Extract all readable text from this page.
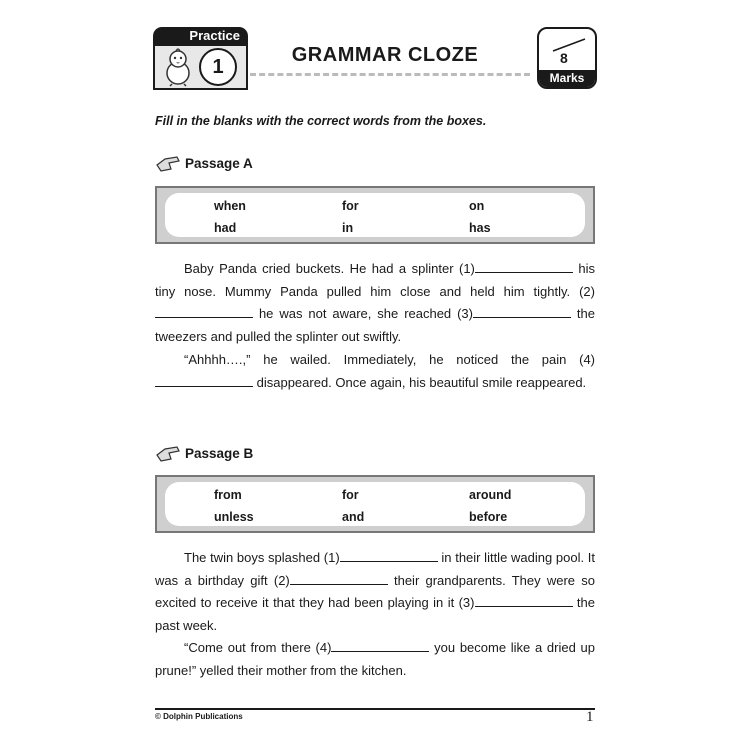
Practice
1
GRAMMAR CLOZE	8
Marks
Fill in the blanks with the correct words from the boxes.
Passage A
when	for	on
had	in	has
Baby Panda cried buckets. He had a splinter (1)	his tiny nose. Mummy Panda pulled him close and held him tightly. (2) he was not aware, she reached (3)	the tweezers and pulled the splinter out swiftly.
“Ahhhh….,” he wailed. Immediately, he noticed the pain (4) disappeared. Once again, his beautiful smile reappeared.
Passage B
from	for	around
unless	and	before
The twin boys splashed (1)	in their little wading pool. It was a birthday gift (2)	their grandparents. They were so excited to receive it that they had been playing in it (3)	the past week.
“Come out from there (4)	you become like a dried up prune!” yelled their mother from the kitchen.
© Dolphin Publications	1
